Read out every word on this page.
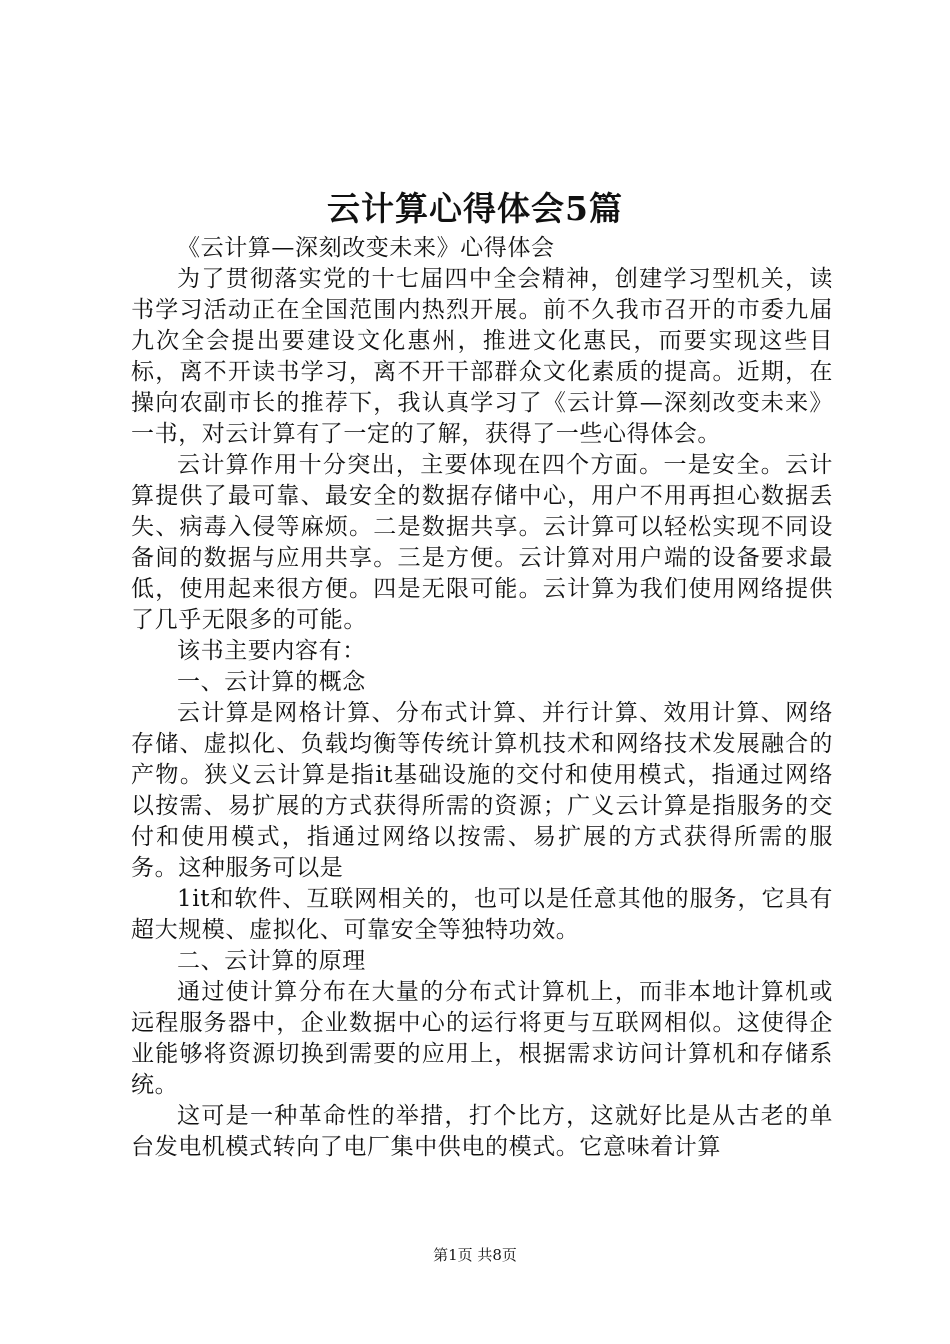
云计算心得体会5篇

《云计算—深刻改变未来》心得体会

为了贯彻落实党的十七届四中全会精神，创建学习型机关，读书学习活动正在全国范围内热烈开展。前不久我市召开的市委九届九次全会提出要建设文化惠州，推进文化惠民，而要实现这些目标，离不开读书学习，离不开干部群众文化素质的提高。近期，在操向农副市长的推荐下，我认真学习了《云计算—深刻改变未来》一书，对云计算有了一定的了解，获得了一些心得体会。

云计算作用十分突出，主要体现在四个方面。一是安全。云计算提供了最可靠、最安全的数据存储中心，用户不用再担心数据丢失、病毒入侵等麻烦。二是数据共享。云计算可以轻松实现不同设备间的数据与应用共享。三是方便。云计算对用户端的设备要求最低，使用起来很方便。四是无限可能。云计算为我们使用网络提供了几乎无限多的可能。

该书主要内容有：

一、云计算的概念

云计算是网格计算、分布式计算、并行计算、效用计算、网络存储、虚拟化、负载均衡等传统计算机技术和网络技术发展融合的产物。狭义云计算是指it基础设施的交付和使用模式，指通过网络以按需、易扩展的方式获得所需的资源；广义云计算是指服务的交付和使用模式，指通过网络以按需、易扩展的方式获得所需的服务。这种服务可以是

1it和软件、互联网相关的，也可以是任意其他的服务，它具有超大规模、虚拟化、可靠安全等独特功效。

二、云计算的原理

通过使计算分布在大量的分布式计算机上，而非本地计算机或远程服务器中，企业数据中心的运行将更与互联网相似。这使得企业能够将资源切换到需要的应用上，根据需求访问计算机和存储系统。

这可是一种革命性的举措，打个比方，这就好比是从古老的单台发电机模式转向了电厂集中供电的模式。它意味着计算

第1页 共8页
